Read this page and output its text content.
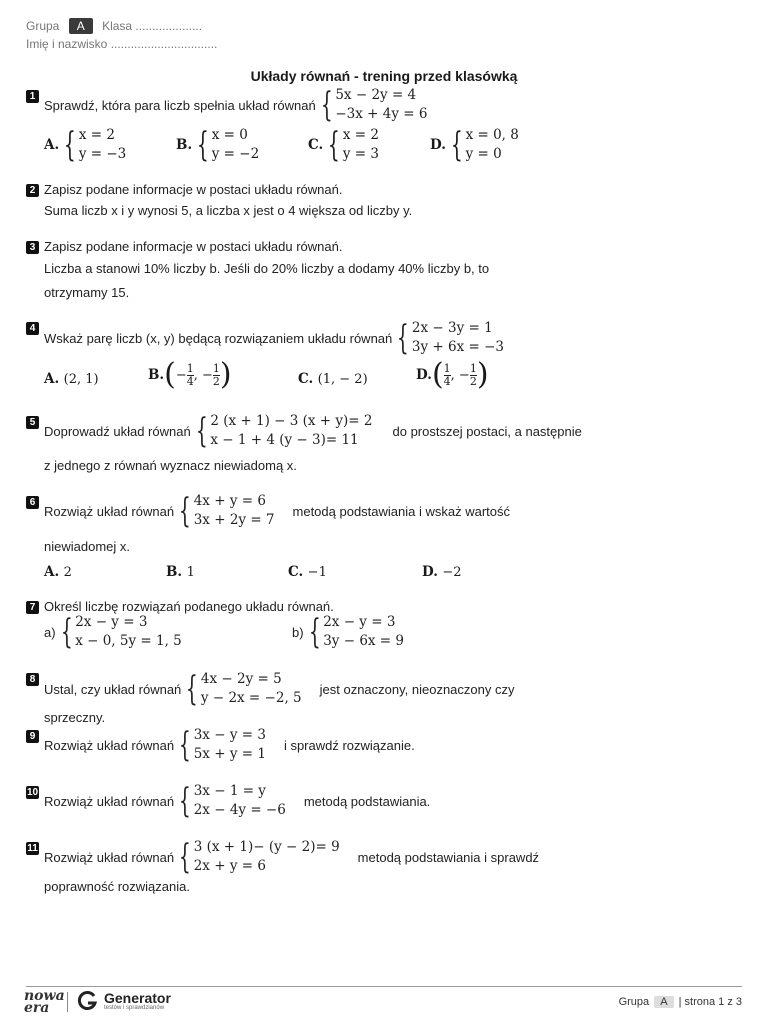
Grupa A Klasa ....................
Imię i nazwisko ................................
Układy równań - trening przed klasówką
1
Sprawdź, która para liczb spełnia układ równań { 5x − 2y = 4
−3x + 4y = 6
A. { x = 2
y = −3
B. { x = 0
y = −2
C. { x = 2
y = 3
D. { x = 0, 8
y = 0
2 Zapisz podane informacje w postaci układu równań.
Suma liczb x i y wynosi 5, a liczba x jest o 4 większa od liczby y.
3 Zapisz podane informacje w postaci układu równań.
Liczba a stanowi 10% liczby b. Jeśli do 20% liczby a dodamy 40% liczby b, to
otrzymamy 15.
4
Wskaż parę liczb (x, y) będącą rozwiązaniem układu równań { 2x − 3y = 1
3y + 6x = −3
A. (2, 1)	B. ( − $\frac{1}{4}$ , − $\frac{1}{2}$ )	C. (1, − 2)	D. ( $\frac{1}{4}$ , − $\frac{1}{2}$ )
5
Doprowadź układ równań { 2 (x + 1) − 3 (x + y)= 2
x − 1 + 4 (y − 3)= 11
do prostszej postaci, a następnie
z jednego z równań wyznacz niewiadomą x.
6
Rozwiąż układ równań { 4x + y = 6
3x + 2y = 7
metodą podstawiania i wskaż wartość
niewiadomej x.
A. 2	B. 1	C. −1	D. −2
7 Określ liczbę rozwiązań podanego układu równań.
a) { 2x − y = 3
x − 0, 5y = 1, 5
b) { 2x − y = 3
3y − 6x = 9
8
Ustal, czy układ równań { 4x − 2y = 5
y − 2x = −2, 5
jest oznaczony, nieoznaczony czy
sprzeczny.
9
Rozwiąż układ równań { 3x − y = 3
5x + y = 1
i sprawdź rozwiązanie.
10
Rozwiąż układ równań { 3x − 1 = y
2x − 4y = −6
metodą podstawiania.
11
Rozwiąż układ równań { 3 (x + 1)− (y − 2)= 9
2x + y = 6
metodą podstawiania i sprawdź
poprawność rozwiązania.
nowa
era
Generator
testów i sprawdzianów	Grupa A | strona 1 z 3
